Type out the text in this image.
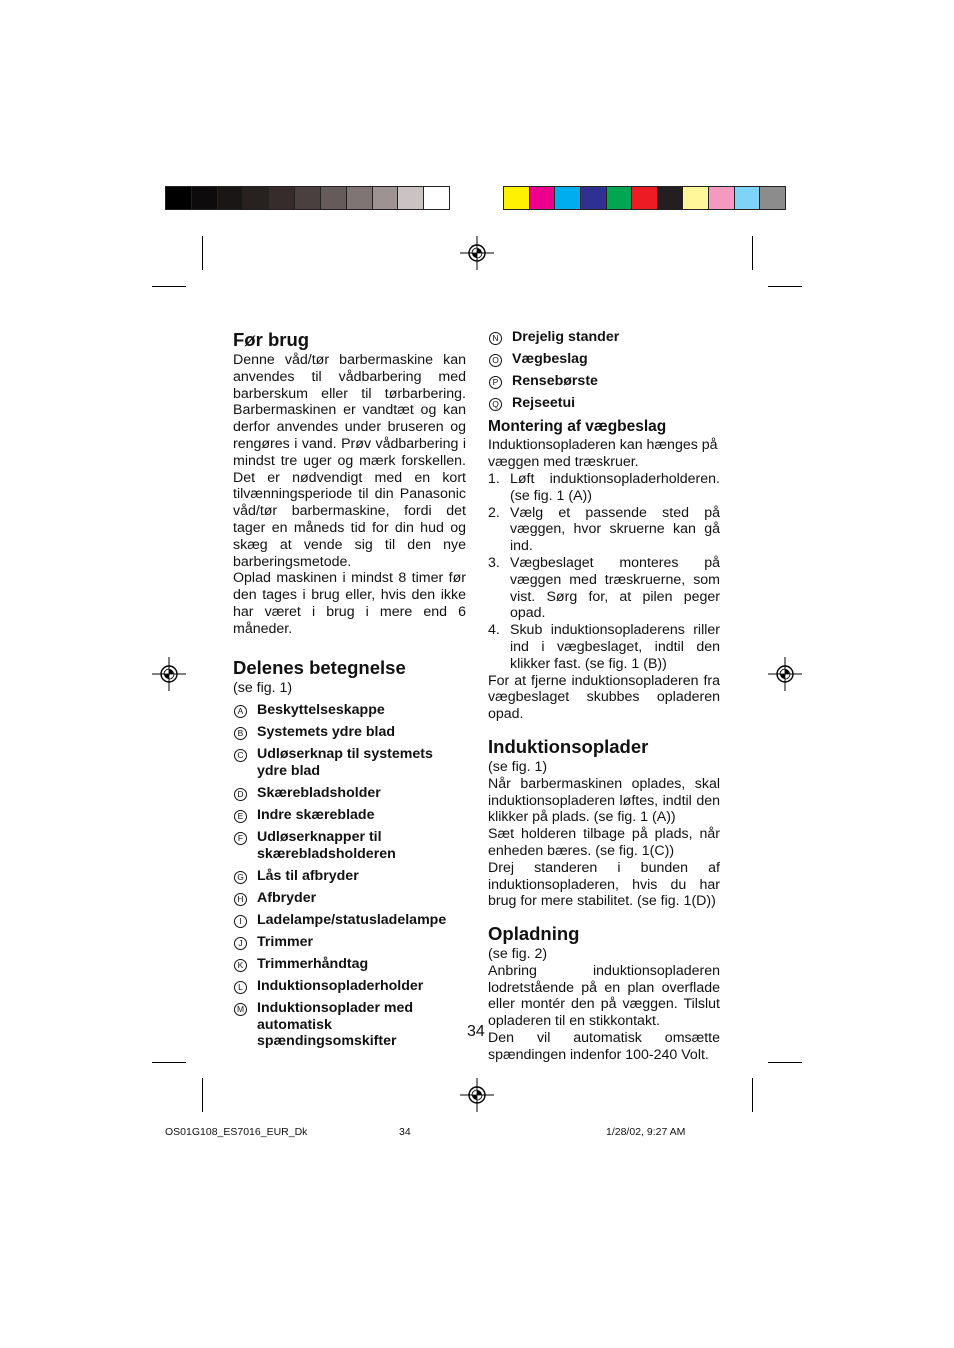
Før brug

Denne våd/tør barbermaskine kan anvendes til vådbarbering med barberskum eller til tørbarbering. Barbermaskinen er vandtæt og kan derfor anvendes under bruseren og rengøres i vand. Prøv vådbarbering i mindst tre uger og mærk forskellen. Det er nødvendigt med en kort tilvænningsperiode til din Panasonic våd/tør barbermaskine, fordi det tager en måneds tid for din hud og skæg at vende sig til den nye barberingsmetode.

Oplad maskinen i mindst 8 timer før den tages i brug eller, hvis den ikke har været i brug i mere end 6 måneder.

Delenes betegnelse
(se fig. 1)
A Beskyttelseskappe
B Systemets ydre blad
C Udløserknap til systemets ydre blad
D Skærebladsholder
E Indre skæreblade
F Udløserknapper til skærebladsholderen
G Lås til afbryder
H Afbryder
I	Ladelampe/statusladelampe
J	Trimmer
K Trimmerhåndtag
L Induktionsopladerholder
M Induktionsoplader med automatisk spændingsomskifter
N Drejelig stander
O Vægbeslag
P Rensebørste
Q Rejseetui
Montering af vægbeslag

Induktionsopladeren kan hænges på væggen med træskruer.

1. Løft induktionsopladerholderen. (se fig. 1 (A))
2. Vælg et passende sted på væggen, hvor skruerne kan gå ind.
3. Vægbeslaget monteres på væggen med træskruerne, som vist. Sørg for, at pilen peger opad.
4. Skub induktionsopladerens riller ind i vægbeslaget, indtil den klikker fast. (se fig. 1 (B))

For at fjerne induktionsopladeren fra vægbeslaget skubbes opladeren opad.

Induktionsoplader
(se fig. 1)

Når barbermaskinen oplades, skal induktionsopladeren løftes, indtil den klikker på plads. (se fig. 1 (A))

Sæt holderen tilbage på plads, når enheden bæres. (se fig. 1(C))

Drej standeren i bunden af induktionsopladeren, hvis du har brug for mere stabilitet. (se fig. 1(D))

Opladning
(se fig. 2)

Anbring induktionsopladeren lodretstående på en plan overflade eller montér den på væggen. Tilslut opladeren til en stikkontakt.

Den vil automatisk omsætte spændingen indenfor 100-240 Volt.

34
OS01G108_ES7016_EUR_Dk	34	1/28/02, 9:27 AM
